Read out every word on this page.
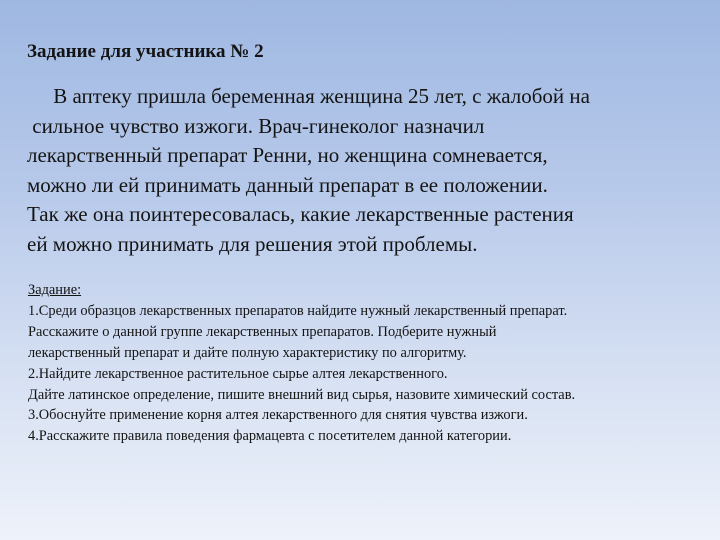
Задание для участника № 2
В аптеку пришла беременная женщина 25 лет, с жалобой на
сильное чувство изжоги. Врач-гинеколог назначил
лекарственный препарат Ренни, но женщина сомневается,
можно ли ей принимать данный препарат в ее положении.
Так же она поинтересовалась, какие лекарственные растения
ей можно принимать для решения этой проблемы.
Задание:
1.Среди образцов лекарственных препаратов найдите нужный лекарственный препарат.
Расскажите о данной группе лекарственных препаратов. Подберите нужный
лекарственный препарат и дайте полную характеристику по алгоритму.
2.Найдите лекарственное растительное сырье алтея лекарственного.
Дайте латинское определение, пишите внешний вид сырья, назовите химический состав.
3.Обоснуйте применение корня алтея лекарственного для снятия чувства изжоги.
4.Расскажите правила поведения фармацевта с посетителем данной категории.
